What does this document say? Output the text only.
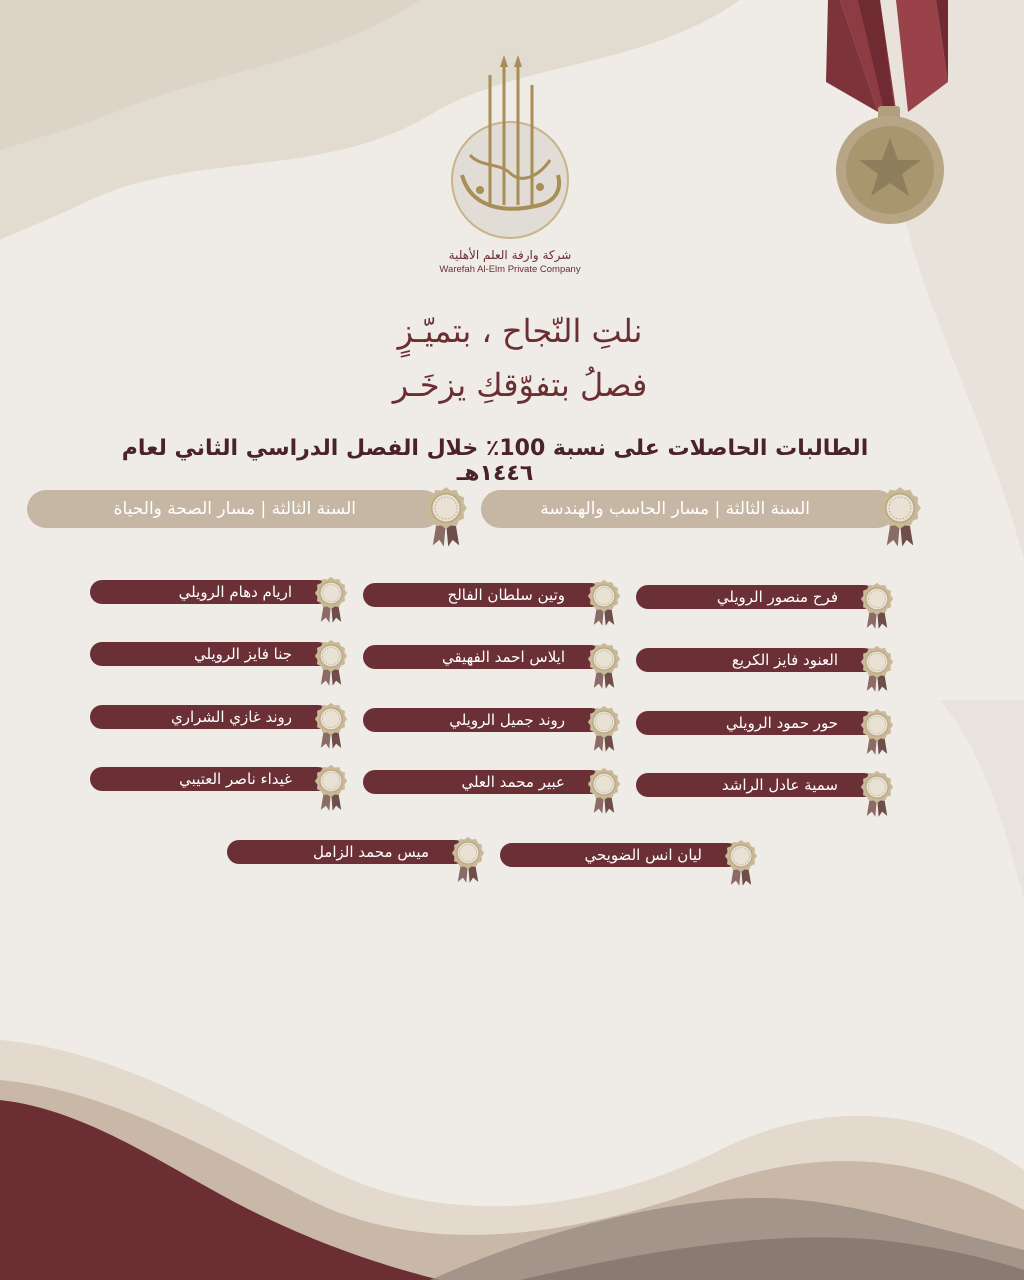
شركة وارفة العلم الأهلية
Warefah Al-Elm Private Company
نلتِ النّجاح ، بتميّـزٍ
فصلُ بتفوّقكِ يزخَـر
الطالبات الحاصلات على نسبة 100٪ خلال الفصل الدراسي الثاني لعام ١٤٤٦هـ
السنة الثالثة | مسار الحاسب والهندسة
السنة الثالثة | مسار الصحة والحياة
فرح منصور الرويلي
العنود فايز الكريع
حور حمود الرويلي
سمية عادل الراشد
وتين سلطان الفالح
ايلاس احمد الفهيقي
روند جميل الرويلي
عبير محمد العلي
اريام دهام الرويلي
جنا فايز الرويلي
روند غازي الشراري
غيداء ناصر العتيبي
ليان انس الضويحي
ميس محمد الزامل
